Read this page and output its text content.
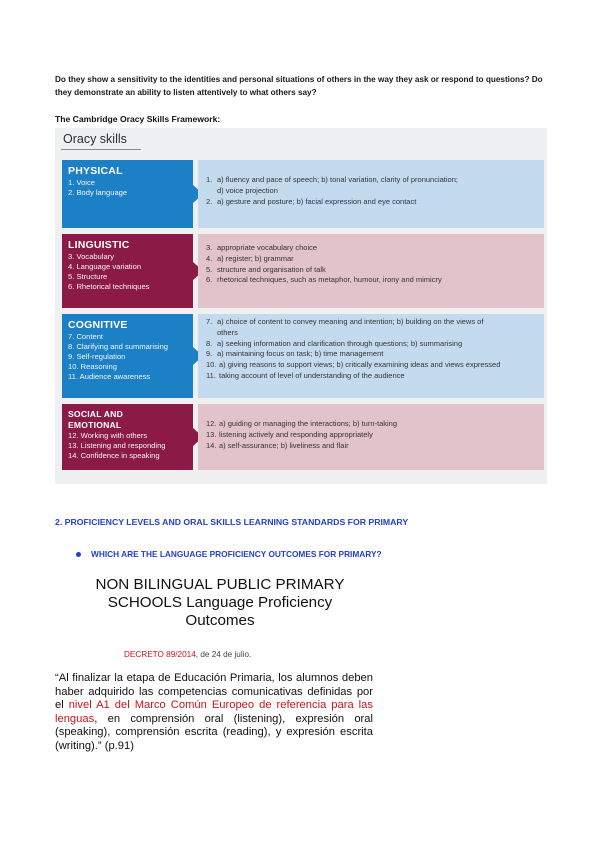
Do they show a sensitivity to the identities and personal situations of others in the way they ask or respond to questions? Do they demonstrate an ability to listen attentively to what others say?

The Cambridge Oracy Skills Framework:

Oracy skills
PHYSICAL
1. Voice
2. Body language
1. a) fluency and pace of speech; b) tonal variation, clarity of pronunciation;
d) voice projection
2. a) gesture and posture; b) facial expression and eye contact
LINGUISTIC
3. Vocabulary
4. Language variation
5. Structure
6. Rhetorical techniques
3. appropriate vocabulary choice
4. a) register; b) grammar
5. structure and organisation of talk
6. rhetorical techniques, such as metaphor, humour, irony and mimicry
COGNITIVE
7. Content
8. Clarifying and summarising
9. Self-regulation
10. Reasoning
11. Audience awareness
7. a) choice of content to convey meaning and intention; b) building on the views of
others
8. a) seeking information and clarification through questions; b) summarising
9. a) maintaining focus on task; b) time management
10. a) giving reasons to support views; b) critically examining ideas and views expressed
11. taking account of level of understanding of the audience
SOCIAL AND
EMOTIONAL
12. Working with others
13. Listening and responding
14. Confidence in speaking
12. a) guiding or managing the interactions; b) turn-taking
13. listening actively and responding appropriately
14. a) self-assurance; b) liveliness and flair

2. PROFICIENCY LEVELS AND ORAL SKILLS LEARNING STANDARDS FOR PRIMARY

WHICH ARE THE LANGUAGE PROFICIENCY OUTCOMES FOR PRIMARY?
NON BILINGUAL PUBLIC PRIMARY
SCHOOLS Language Proficiency
Outcomes
DECRETO 89/2014, de 24 de julio.

“Al finalizar la etapa de Educación Primaria, los alumnos deben haber adquirido las competencias comunicativas definidas por el nivel A1 del Marco Común Europeo de referencia para las lenguas, en comprensión oral (listening), expresión oral (speaking), comprensión escrita (reading), y expresión escrita (writing).” (p.91)
